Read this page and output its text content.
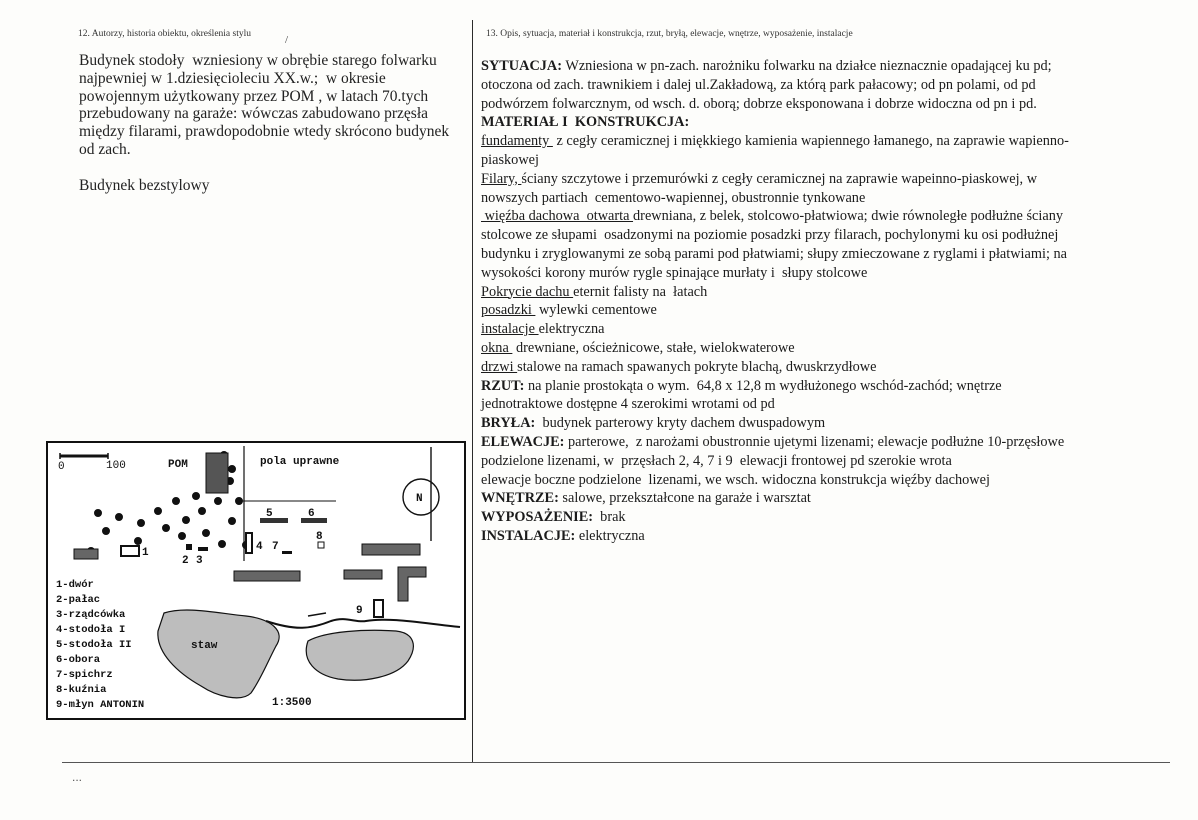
...
12. Autorzy, historia obiektu, określenia stylu	/

Budynek stodoły  wzniesiony w obrębie starego folwarku
najpewniej w 1.dziesięcioleciu XX.w.;  w okresie
powojennym użytkowany przez POM , w latach 70.tych
przebudowany na garaże: wówczas zabudowano przęsła
między filarami, prawdopodobnie wtedy skrócono budynek
od zach.

Budynek bezstylowy

0	100	POM	pola uprawne
N
1
2 3
4
5	6
7
8
9
staw
1-dwór
2-pałac
3-rządcówka
4-stodoła I
5-stodoła II
6-obora
7-spichrz
8-kuźnia
9-młyn ANTONIN	1:3500
13. Opis, sytuacja, materiał i konstrukcja, rzut, bryłą, elewacje, wnętrze, wyposażenie, instalacje
SYTUACJA: Wzniesiona w pn-zach. narożniku folwarku na działce nieznacznie opadającej ku pd;
otoczona od zach. trawnikiem i dalej ul.Zakładową, za którą park pałacowy; od pn polami, od pd
podwórzem folwarcznym, od wsch. d. oborą; dobrze eksponowana i dobrze widoczna od pn i pd.
MATERIAŁ I  KONSTRUKCJA:
fundamenty  z cegły ceramicznej i miękkiego kamienia wapiennego łamanego, na zaprawie wapienno-
piaskowej
Filary, ściany szczytowe i przemurówki z cegły ceramicznej na zaprawie wapeinno-piaskowej, w
nowszych partiach  cementowo-wapiennej, obustronnie tynkowane
więźba dachowa  otwarta drewniana, z belek, stolcowo-płatwiowa; dwie równoległe podłużne ściany
stolcowe ze słupami  osadzonymi na poziomie posadzki przy filarach, pochylonymi ku osi podłużnej
budynku i zryglowanymi ze sobą parami pod płatwiami; słupy zmieczowane z ryglami i płatwiami; na
wysokości korony murów rygle spinające murłaty i  słupy stolcowe
Pokrycie dachu eternit falisty na  łatach
posadzki  wylewki cementowe
instalacje elektryczna
okna  drewniane, ościeżnicowe, stałe, wielokwaterowe
drzwi stalowe na ramach spawanych pokryte blachą, dwuskrzydłowe
RZUT: na planie prostokąta o wym.  64,8 x 12,8 m wydłużonego wschód-zachód; wnętrze
jednotraktowe dostępne 4 szerokimi wrotami od pd
BRYŁA:  budynek parterowy kryty dachem dwuspadowym
ELEWACJE: parterowe,  z narożami obustronnie ujetymi lizenami; elewacje podłużne 10-przęsłowe
podzielone lizenami, w  przęsłach 2, 4, 7 i 9  elewacji frontowej pd szerokie wrota
elewacje boczne podzielone  lizenami, we wsch. widoczna konstrukcja więźby dachowej
WNĘTRZE: salowe, przekształcone na garaże i warsztat
WYPOSAŻENIE:  brak
INSTALACJE: elektryczna
